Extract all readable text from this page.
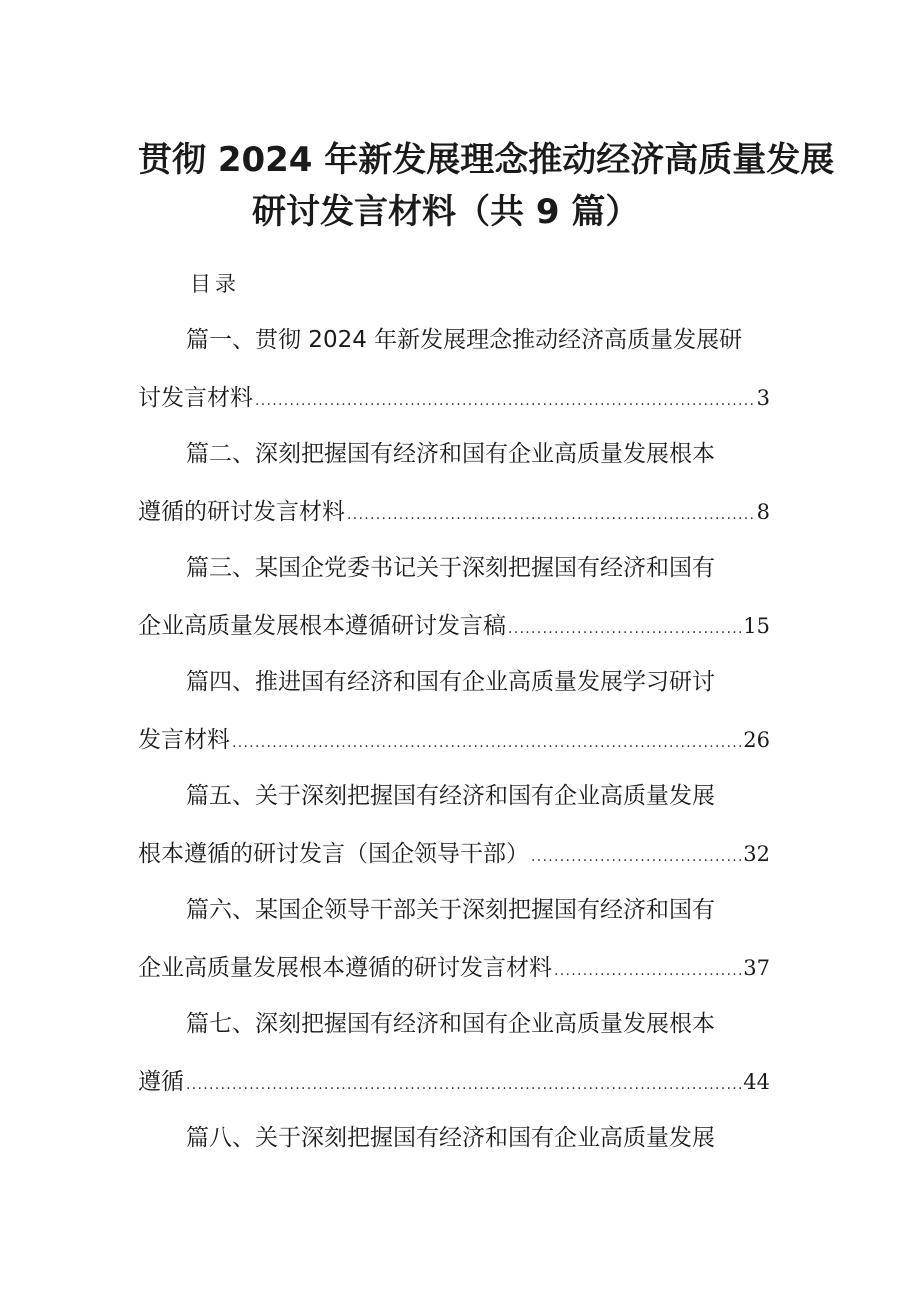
贯彻 2024 年新发展理念推动经济高质量发展
研讨发言材料（共 9 篇）
目录
篇一、贯彻 2024 年新发展理念推动经济高质量发展研
讨发言材料 .....	3
篇二、深刻把握国有经济和国有企业高质量发展根本
遵循的研讨发言材料 .....	8
篇三、某国企党委书记关于深刻把握国有经济和国有
企业高质量发展根本遵循研讨发言稿 .....	15
篇四、推进国有经济和国有企业高质量发展学习研讨
发言材料 .....	26
篇五、关于深刻把握国有经济和国有企业高质量发展
根本遵循的研讨发言（国企领导干部） .....	32
篇六、某国企领导干部关于深刻把握国有经济和国有
企业高质量发展根本遵循的研讨发言材料 .....	37
篇七、深刻把握国有经济和国有企业高质量发展根本
遵循 .....	44
篇八、关于深刻把握国有经济和国有企业高质量发展
